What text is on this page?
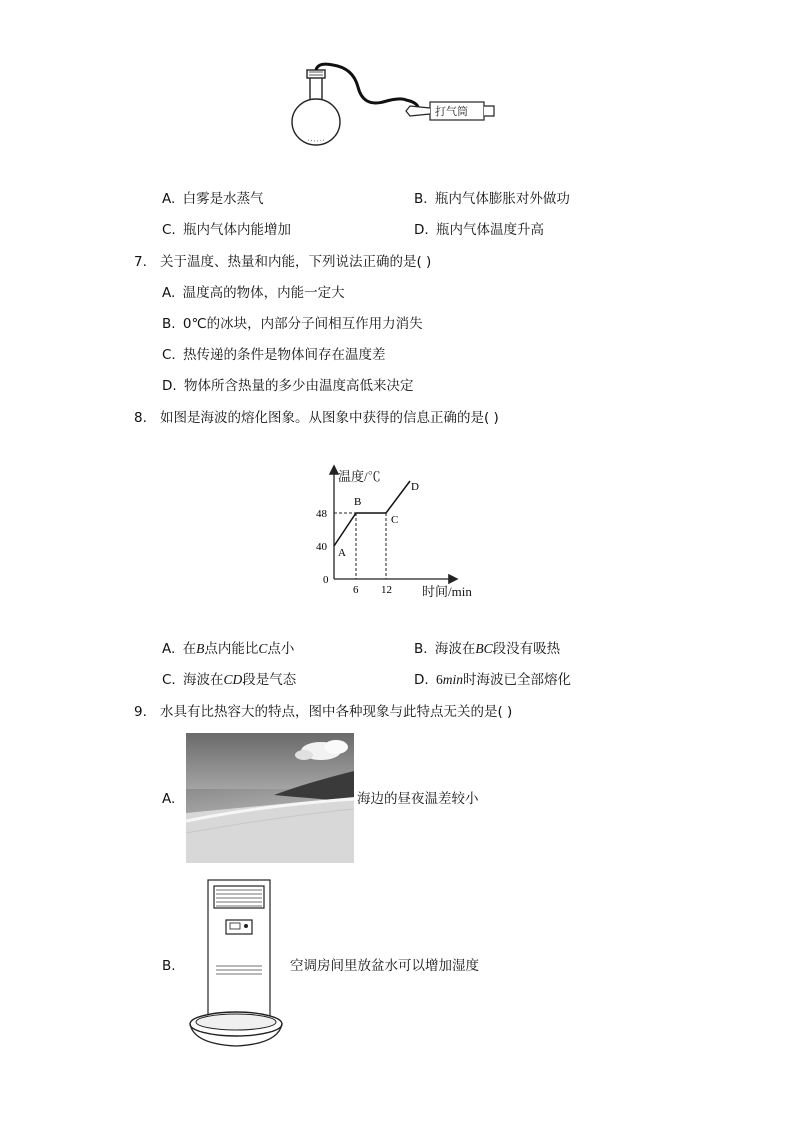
打气筒
A. 白雾是水蒸气	B. 瓶内气体膨胀对外做功
C. 瓶内气体内能增加	D. 瓶内气体温度升高
7. 关于温度、热量和内能，下列说法正确的是( )
A. 温度高的物体，内能一定大
B. 0℃的冰块，内部分子间相互作用力消失
C. 热传递的条件是物体间存在温度差
D. 物体所含热量的多少由温度高低来决定
8. 如图是海波的熔化图象。从图象中获得的信息正确的是( )
温度/℃
时间/min
48
40
0
6 12
A
B
C
D
A. 在B点内能比C点小	B. 海波在BC段没有吸热
C. 海波在CD段是气态	D. 6min时海波已全部熔化
9. 水具有比热容大的特点，图中各种现象与此特点无关的是( )
A.	海边的昼夜温差较小
B.	空调房间里放盆水可以增加湿度
